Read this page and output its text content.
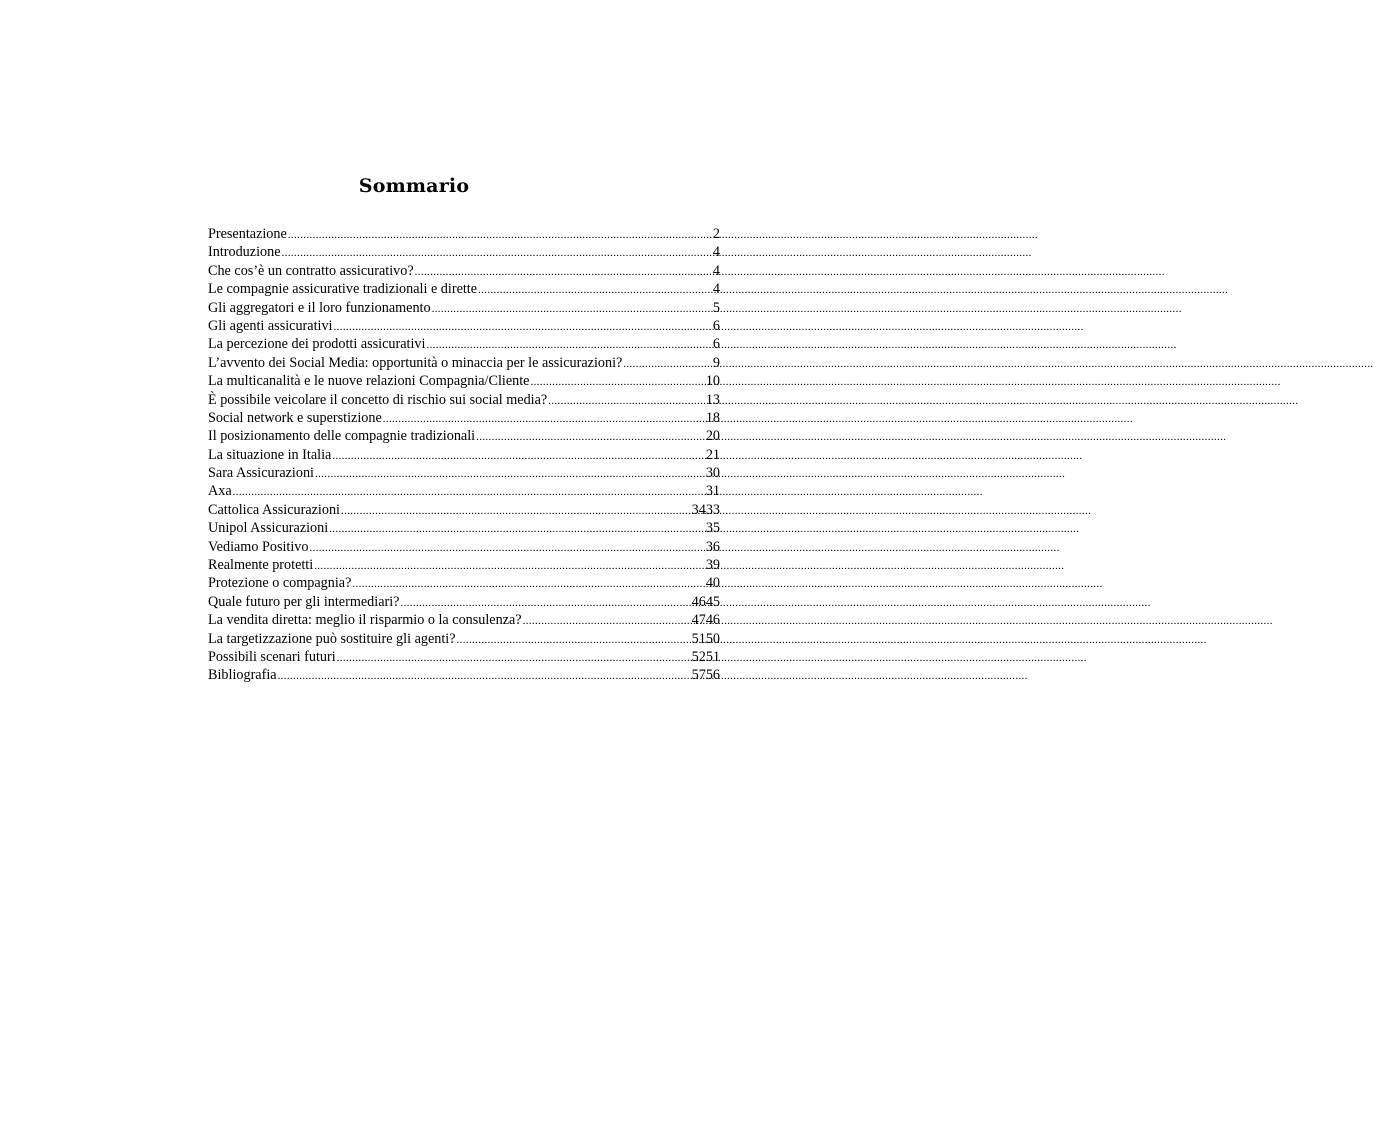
Sommario
Presentazione .....	2
Introduzione .....	4
Che cos’è un contratto assicurativo? .....	4
Le compagnie assicurative tradizionali e dirette .....	4
Gli aggregatori e il loro funzionamento .....	5
Gli agenti assicurativi .....	6
La percezione dei prodotti assicurativi .....	6
L’avvento dei Social Media: opportunità o minaccia per le assicurazioni? .....	9
La multicanalità e le nuove relazioni Compagnia/Cliente .....	10
È possibile veicolare il concetto di rischio sui social media? .....	13
Social network e superstizione .....	18
Il posizionamento delle compagnie tradizionali .....	20
La situazione in Italia .....	21
Sara Assicurazioni .....	30
Axa .....	31
Cattolica Assicurazioni .....	3433
Unipol Assicurazioni .....	35
Vediamo Positivo .....	36
Realmente protetti .....	39
Protezione o compagnia? .....	40
Quale futuro per gli intermediari? .....	4645
La vendita diretta: meglio il risparmio o la consulenza? .....	4746
La targetizzazione può sostituire gli agenti? .....	5150
Possibili scenari futuri .....	5251
Bibliografia .....	5756
